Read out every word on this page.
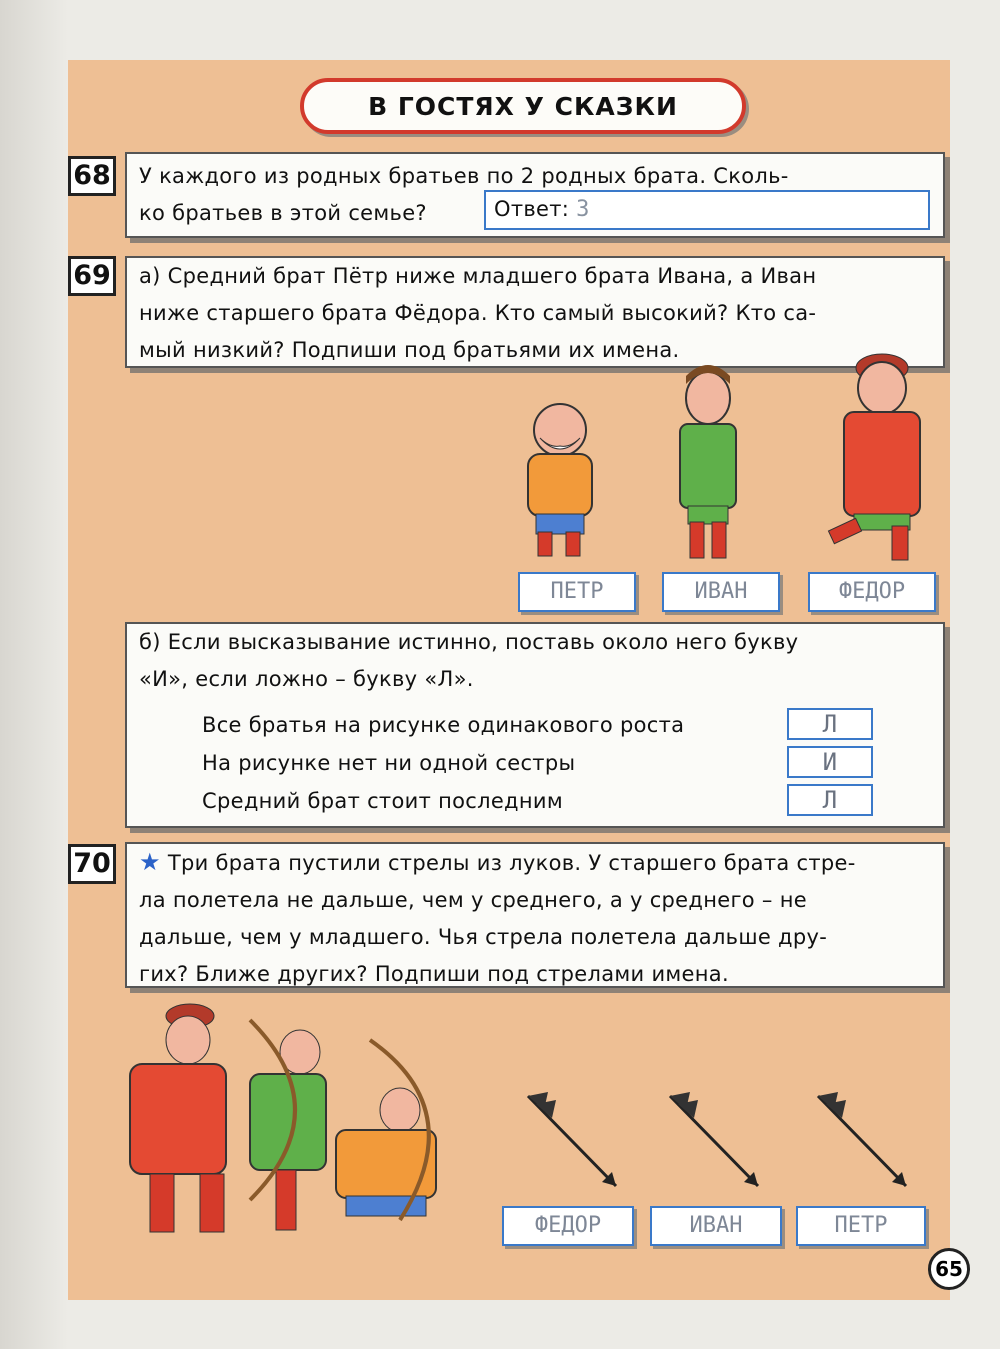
В ГОСТЯХ У СКАЗКИ
68 У каждого из родных братьев по 2 родных брата. Сколь-
ко братьев в этой семье?	Ответ: 3
69 а) Средний брат Пётр ниже младшего брата Ивана, а Иван
ниже старшего брата Фёдора. Кто самый высокий? Кто са-
мый низкий? Подпиши под братьями их имена.
ПЕТР	ИВАН	ФЕДОР
б) Если высказывание истинно, поставь около него букву
«И», если ложно – букву «Л».
Все братья на рисунке одинакового роста	Л
На рисунке нет ни одной сестры	И
Средний брат стоит последним	Л
70 ★ Три брата пустили стрелы из луков. У старшего брата стре-
ла полетела не дальше, чем у среднего, а у среднего – не
дальше, чем у младшего. Чья стрела полетела дальше дру-
гих? Ближе других? Подпиши под стрелами имена.
ФЕДОР	ИВАН	ПЕТР
65
